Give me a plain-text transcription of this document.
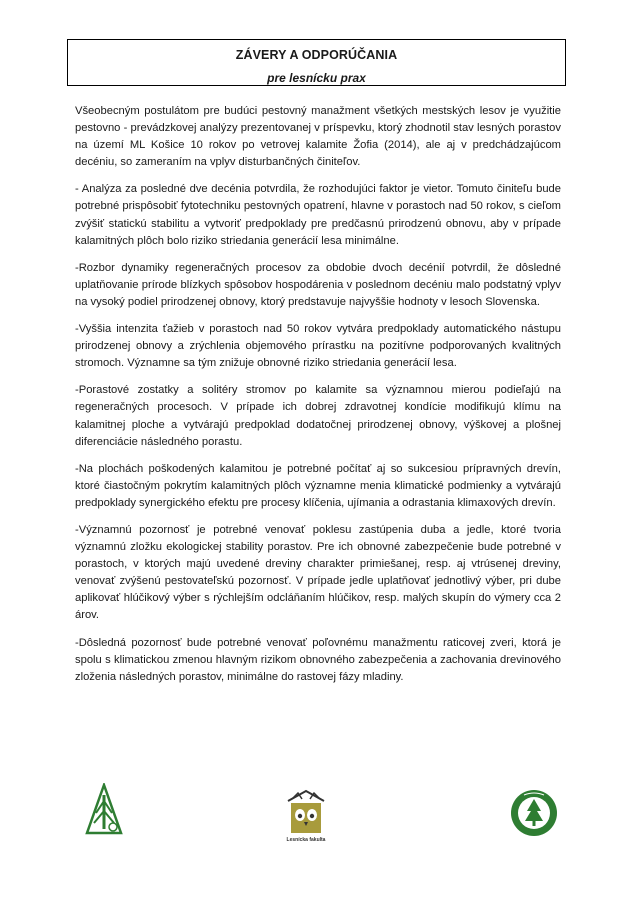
ZÁVERY A ODPORÚČANIA
pre lesnícku prax

Všeobecným postulátom pre budúci pestovný manažment všetkých mestských lesov je využitie pestovno - prevádzkovej analýzy prezentovanej v príspevku, ktorý zhodnotil stav lesných porastov na území ML Košice 10 rokov po vetrovej kalamite Žofia (2014), ale aj v predchádzajúcom decéniu, so zameraním na vplyv disturbančných činiteľov.

- Analýza za posledné dve decénia potvrdila, že rozhodujúci faktor je vietor. Tomuto činiteľu bude potrebné prispôsobiť fytotechniku pestovných opatrení, hlavne v porastoch nad 50 rokov, s cieľom zvýšiť statickú stabilitu a vytvoriť predpoklady pre predčasnú prirodzenú obnovu, aby v prípade kalamitných plôch bolo riziko striedania generácií lesa minimálne.

-Rozbor dynamiky regeneračných procesov za obdobie dvoch decénií potvrdil, že dôsledné uplatňovanie prírode blízkych spôsobov hospodárenia v poslednom decéniu malo podstatný vplyv na vysoký podiel prirodzenej obnovy, ktorý predstavuje najvyššie hodnoty v lesoch Slovenska.

-Vyššia intenzita ťažieb v porastoch nad 50 rokov vytvára predpoklady automatického nástupu prirodzenej obnovy a zrýchlenia objemového prírastku na pozitívne podporovaných kvalitných stromoch. Významne sa tým znižuje obnovné riziko striedania generácií lesa.

-Porastové zostatky a solitéry stromov po kalamite sa významnou mierou podieľajú na regeneračných procesoch. V prípade ich dobrej zdravotnej kondície modifikujú klímu na kalamitnej ploche a vytvárajú predpoklad dodatočnej prirodzenej obnovy, výškovej a plošnej diferenciácie následného porastu.

-Na plochách poškodených kalamitou je potrebné počítať aj so sukcesiou prípravných drevín, ktoré čiastočným pokrytím kalamitných plôch významne menia klimatické podmienky a vytvárajú predpoklady synergického efektu pre procesy klíčenia, ujímania a odrastania klimaxových drevín.

-Významnú pozornosť je potrebné venovať poklesu zastúpenia duba a jedle, ktoré tvoria významnú zložku ekologickej stability porastov. Pre ich obnovné zabezpečenie bude potrebné v porastoch, v ktorých majú uvedené dreviny charakter primiešanej, resp. aj vtrúsenej dreviny, venovať zvýšenú pestovateľskú pozornosť. V prípade jedle uplatňovať jednotlivý výber, pri dube aplikovať hlúčikový výber s rýchlejším odcláňaním hlúčikov, resp. malých skupín do výmery cca 2 árov.

-Dôsledná pozornosť bude potrebné venovať poľovnému manažmentu raticovej zveri, ktorá je spolu s klimatickou zmenou hlavným rizikom obnovného zabezpečenia a zachovania drevinového zloženia následných porastov, minimálne do rastovej fázy mladiny.

Lesnícka fakulta
